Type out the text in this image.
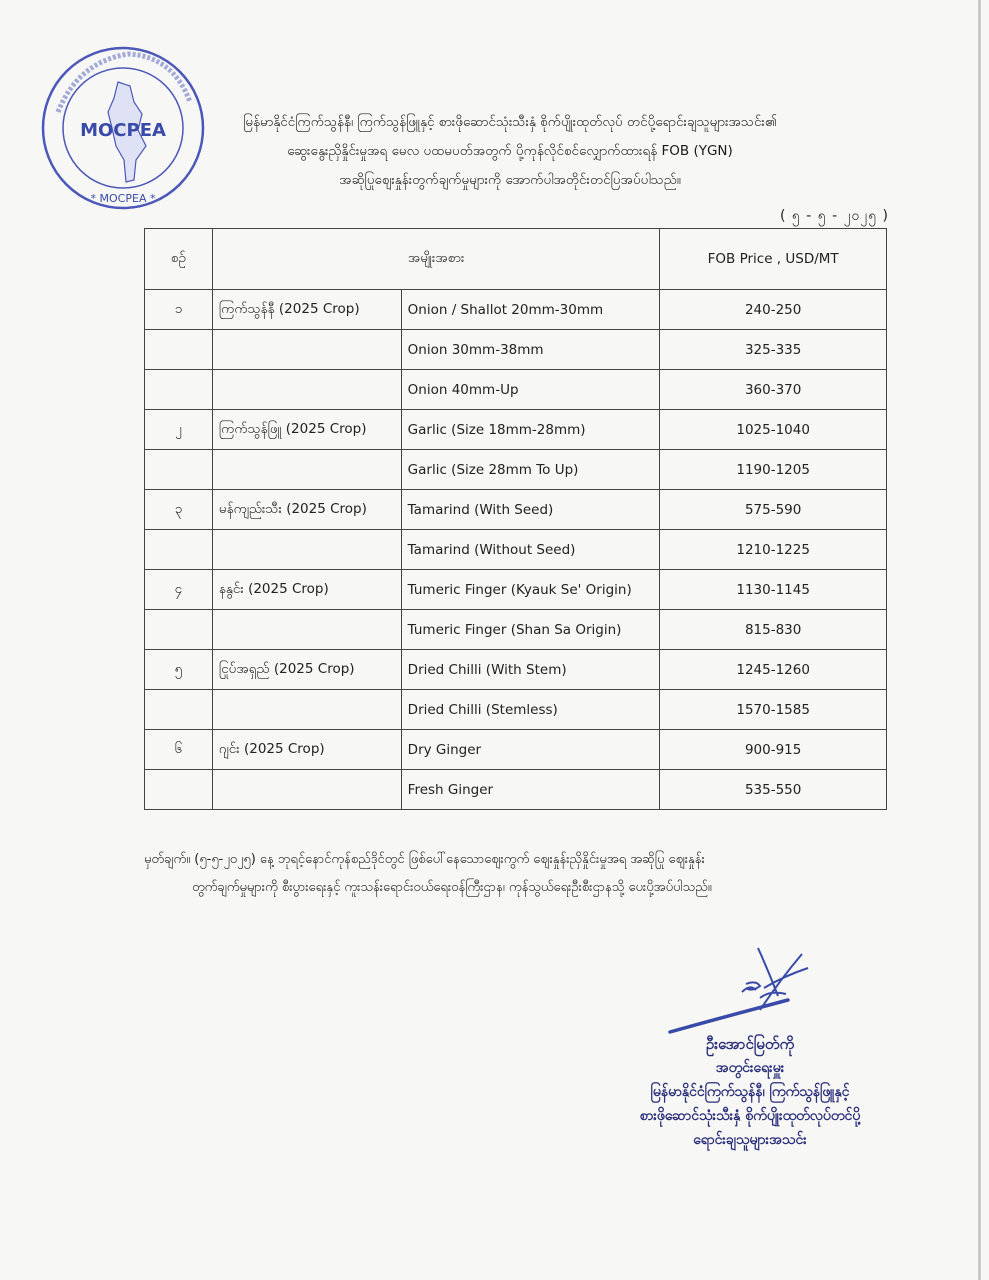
MOCPEA
* MOCPEA *
မြန်မာနိုင်ငံကြက်သွန်နီ၊ ကြက်သွန်ဖြူနှင့် စားဖိုဆောင်သုံးသီးနှံ စိုက်ပျိုးထုတ်လုပ် တင်ပို့ရောင်းချသူများအသင်း၏
ဆွေးနွေးညှိနှိုင်းမှုအရ မေလ ပထမပတ်အတွက် ပို့ကုန်လိုင်စင်လျှောက်ထားရန် FOB (YGN)
အဆိုပြုဈေးနှုန်းတွက်ချက်မှုများကို အောက်ပါအတိုင်းတင်ပြအပ်ပါသည်။
( ၅ - ၅ - ၂၀၂၅ )
စဉ်	အမျိုးအစား		FOB Price , USD/MT
၁	ကြက်သွန်နီ (2025 Crop)	Onion / Shallot 20mm-30mm	240-250
		Onion 30mm-38mm	325-335
		Onion 40mm-Up	360-370
၂	ကြက်သွန်ဖြူ (2025 Crop)	Garlic (Size 18mm-28mm)	1025-1040
		Garlic (Size 28mm To Up)	1190-1205
၃	မန်ကျည်းသီး (2025 Crop)	Tamarind (With Seed)	575-590
		Tamarind (Without Seed)	1210-1225
၄	နနွင်း (2025 Crop)	Tumeric Finger (Kyauk Se' Origin)	1130-1145
		Tumeric Finger (Shan Sa Origin)	815-830
၅	ငြုပ်အရှည် (2025 Crop)	Dried Chilli (With Stem)	1245-1260
		Dried Chilli (Stemless)	1570-1585
၆	ဂျင်း (2025 Crop)	Dry Ginger	900-915
		Fresh Ginger	535-550
မှတ်ချက်။ (၅-၅-၂၀၂၅) နေ့ ဘုရင့်နောင်ကုန်စည်ဒိုင်တွင် ဖြစ်ပေါ်နေသောဈေးကွက် ဈေးနှုန်းညှိနှိုင်းမှုအရ အဆိုပြု ဈေးနှုန်း
တွက်ချက်မှုများကို စီးပွားရေးနှင့် ကူးသန်းရောင်းဝယ်ရေးဝန်ကြီးဌာန၊ ကုန်သွယ်ရေးဦးစီးဌာနသို့ ပေးပို့အပ်ပါသည်။
ဦးအောင်မြတ်ကို
အတွင်းရေးမှူး
မြန်မာနိုင်ငံကြက်သွန်နီ၊ ကြက်သွန်ဖြူနှင့်
စားဖိုဆောင်သုံးသီးနှံ စိုက်ပျိုးထုတ်လုပ်တင်ပို့
ရောင်းချသူများအသင်း
